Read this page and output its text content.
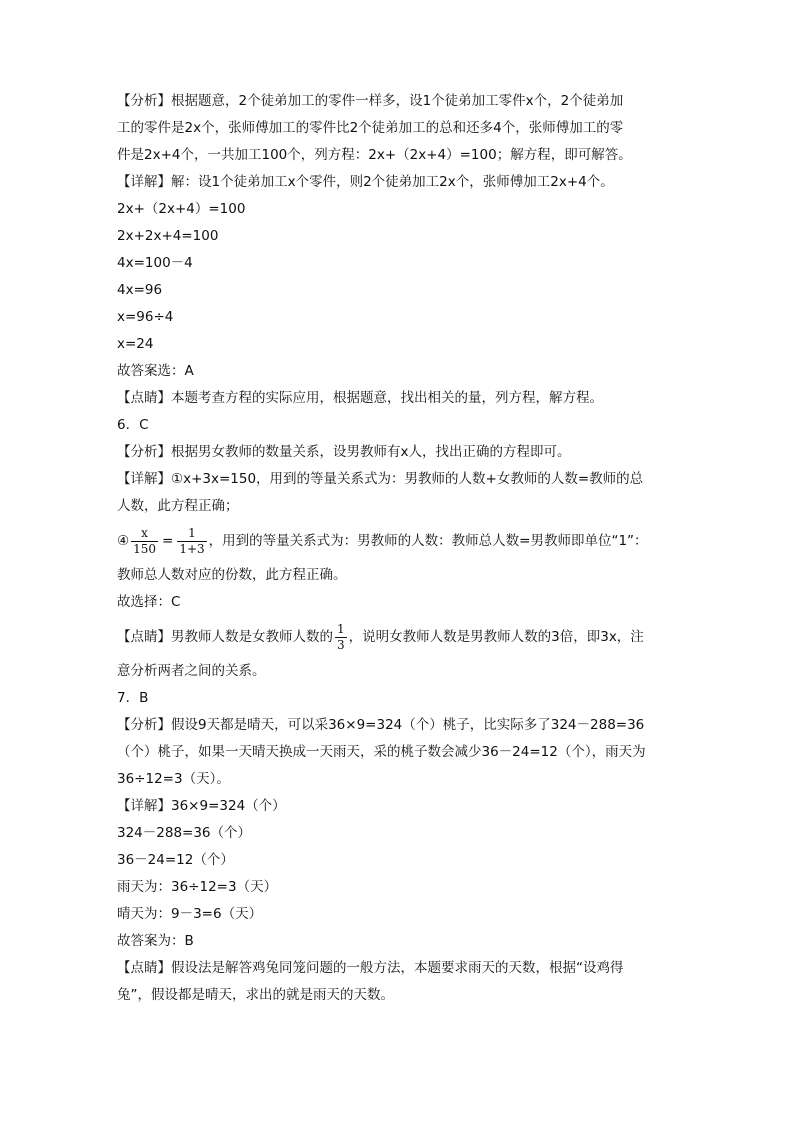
【分析】根据题意，2个徒弟加工的零件一样多，设1个徒弟加工零件x个，2个徒弟加
工的零件是2x个，张师傅加工的零件比2个徒弟加工的总和还多4个，张师傅加工的零
件是2x+4个，一共加工100个，列方程：2x+（2x+4）=100；解方程，即可解答。
【详解】解：设1个徒弟加工x个零件，则2个徒弟加工2x个，张师傅加工2x+4个。
2x+（2x+4）=100
2x+2x+4=100
4x=100－4
4x=96
x=96÷4
x=24
故答案选：A
【点睛】本题考查方程的实际应用，根据题意，找出相关的量，列方程，解方程。
6．C
【分析】根据男女教师的数量关系，设男教师有x人，找出正确的方程即可。
【详解】①x+3x=150，用到的等量关系式为：男教师的人数+女教师的人数=教师的总
人数，此方程正确；
④ $\frac{x}{150} = \frac{1}{1+3}$ ，用到的等量关系式为：男教师的人数：教师总人数=男教师即单位“1”：
教师总人数对应的份数，此方程正确。
故选择：C
【点睛】男教师人数是女教师人数的 $\frac{1}{3}$ ，说明女教师人数是男教师人数的3倍，即3x，注
意分析两者之间的关系。
7．B
【分析】假设9天都是晴天，可以采36×9=324（个）桃子，比实际多了324－288=36
（个）桃子，如果一天晴天换成一天雨天，采的桃子数会减少36－24=12（个），雨天为
36÷12=3（天）。
【详解】36×9=324（个）
324－288=36（个）
36－24=12（个）
雨天为：36÷12=3（天）
晴天为：9－3=6（天）
故答案为：B
【点睛】假设法是解答鸡兔同笼问题的一般方法，本题要求雨天的天数，根据“设鸡得
兔”，假设都是晴天，求出的就是雨天的天数。
